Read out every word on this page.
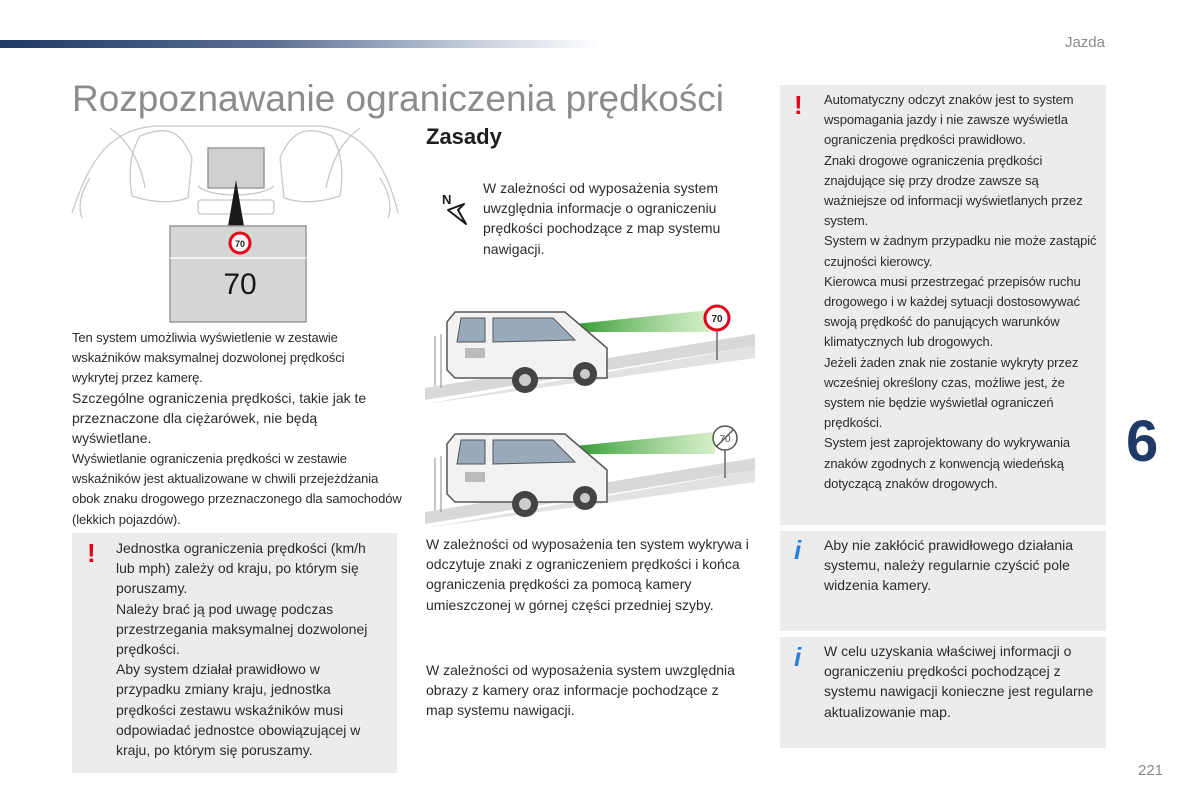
Jazda
Rozpoznawanie ograniczenia prędkości
70
70
Ten system umożliwia wyświetlenie w zestawie wskaźników maksymalnej dozwolonej prędkości wykrytej przez kamerę.
Szczególne ograniczenia prędkości, takie jak te przeznaczone dla ciężarówek, nie będą wyświetlane.
Wyświetlanie ograniczenia prędkości w zestawie wskaźników jest aktualizowane w chwili przejeżdżania obok znaku drogowego przeznaczonego dla samochodów (lekkich pojazdów).
! Jednostka ograniczenia prędkości (km/h lub mph) zależy od kraju, po którym się poruszamy.

Należy brać ją pod uwagę podczas przestrzegania maksymalnej dozwolonej prędkości.

Aby system działał prawidłowo w przypadku zmiany kraju, jednostka prędkości zestawu wskaźników musi odpowiadać jednostce obowiązującej w kraju, po którym się poruszamy.

Zasady
N
W zależności od wyposażenia system uwzględnia informacje o ograniczeniu prędkości pochodzące z map systemu nawigacji.
70
70
W zależności od wyposażenia ten system wykrywa i odczytuje znaki z ograniczeniem prędkości i końca ograniczenia prędkości za pomocą kamery umieszczonej w górnej części przedniej szyby.
W zależności od wyposażenia system uwzględnia obrazy z kamery oraz informacje pochodzące z map systemu nawigacji.
! Automatyczny odczyt znaków jest to system wspomagania jazdy i nie zawsze wyświetla ograniczenia prędkości prawidłowo.

Znaki drogowe ograniczenia prędkości znajdujące się przy drodze zawsze są ważniejsze od informacji wyświetlanych przez system.

System w żadnym przypadku nie może zastąpić czujności kierowcy.

Kierowca musi przestrzegać przepisów ruchu drogowego i w każdej sytuacji dostosowywać swoją prędkość do panujących warunków klimatycznych lub drogowych.

Jeżeli żaden znak nie zostanie wykryty przez wcześniej określony czas, możliwe jest, że system nie będzie wyświetlał ograniczeń prędkości.

System jest zaprojektowany do wykrywania znaków zgodnych z konwencją wiedeńską dotyczącą znaków drogowych.

i Aby nie zakłócić prawidłowego działania systemu, należy regularnie czyścić pole widzenia kamery.
i W celu uzyskania właściwej informacji o ograniczeniu prędkości pochodzącej z systemu nawigacji konieczne jest regularne aktualizowanie map.
6
221
